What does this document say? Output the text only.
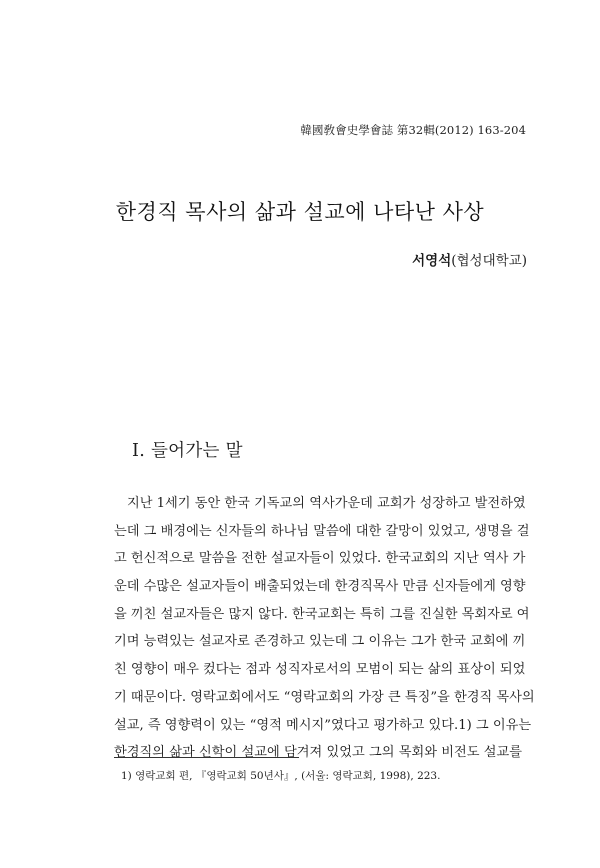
韓國敎會史學會誌 第32輯(2012) 163-204
한경직 목사의 삶과 설교에 나타난 사상
서영석(협성대학교)
Ⅰ. 들어가는 말
지난 1세기 동안 한국 기독교의 역사가운데 교회가 성장하고 발전하였
는데 그 배경에는 신자들의 하나님 말씀에 대한 갈망이 있었고, 생명을 걸
고 헌신적으로 말씀을 전한 설교자들이 있었다. 한국교회의 지난 역사 가
운데 수많은 설교자들이 배출되었는데 한경직목사 만큼 신자들에게 영향
을 끼친 설교자들은 많지 않다. 한국교회는 특히 그를 진실한 목회자로 여
기며 능력있는 설교자로 존경하고 있는데 그 이유는 그가 한국 교회에 끼
친 영향이 매우 컸다는 점과 성직자로서의 모범이 되는 삶의 표상이 되었
기 때문이다. 영락교회에서도 “영락교회의 가장 큰 특징”을 한경직 목사의
설교, 즉 영향력이 있는 “영적 메시지”였다고 평가하고 있다.1) 그 이유는
한경직의 삶과 신학이 설교에 담겨져 있었고 그의 목회와 비전도 설교를
1) 영락교회 편, 『영락교회 50년사』, (서울: 영락교회, 1998), 223.
